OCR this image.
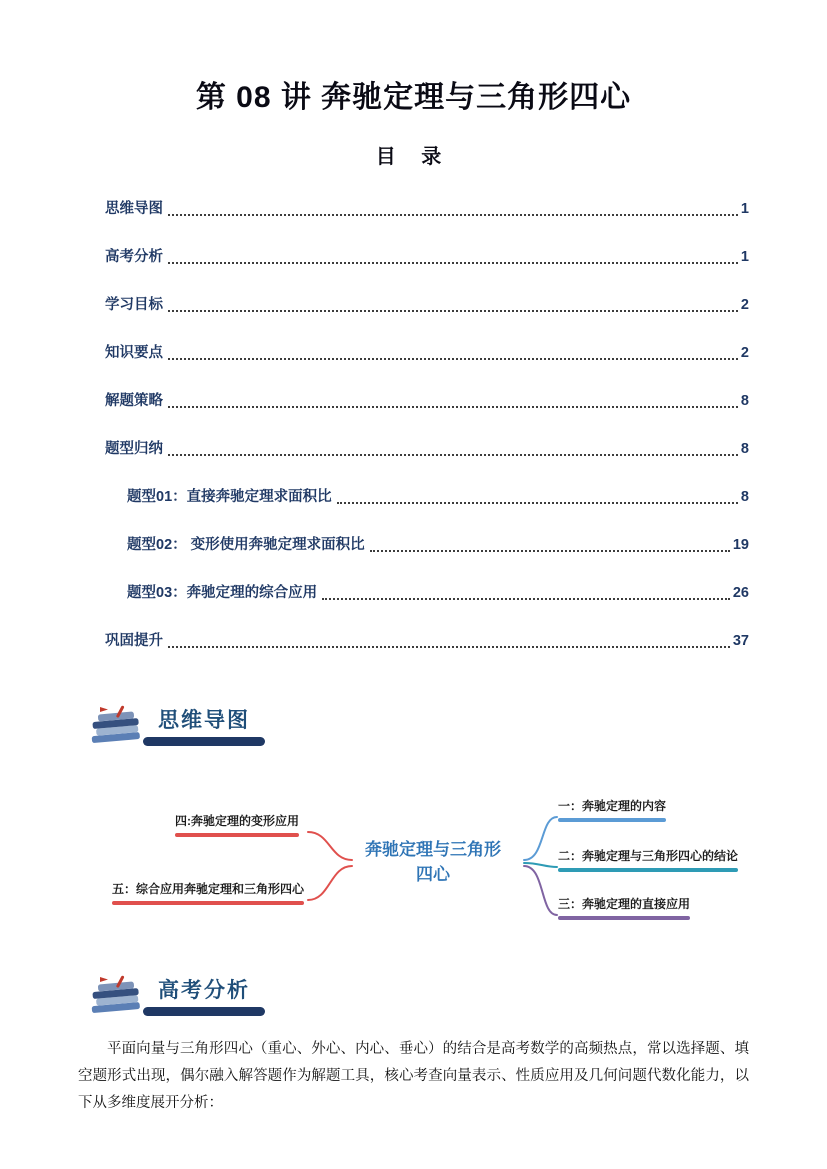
第 08 讲 奔驰定理与三角形四心
目 录
思维导图	1
高考分析	1
学习目标	2
知识要点	2
解题策略	8
题型归纳	8
题型01：直接奔驰定理求面积比	8
题型02： 变形使用奔驰定理求面积比	19
题型03：奔驰定理的综合应用	26
巩固提升	37
思维导图
奔驰定理与三角形
四心
四:奔驰定理的变形应用
五：综合应用奔驰定理和三角形四心
一：奔驰定理的内容
二：奔驰定理与三角形四心的结论
三：奔驰定理的直接应用
高考分析
平面向量与三角形四心（重心、外心、内心、垂心）的结合是高考数学的高频热点，常以选择题、填空题形式出现，偶尔融入解答题作为解题工具，核心考查向量表示、性质应用及几何问题代数化能力，以下从多维度展开分析：
